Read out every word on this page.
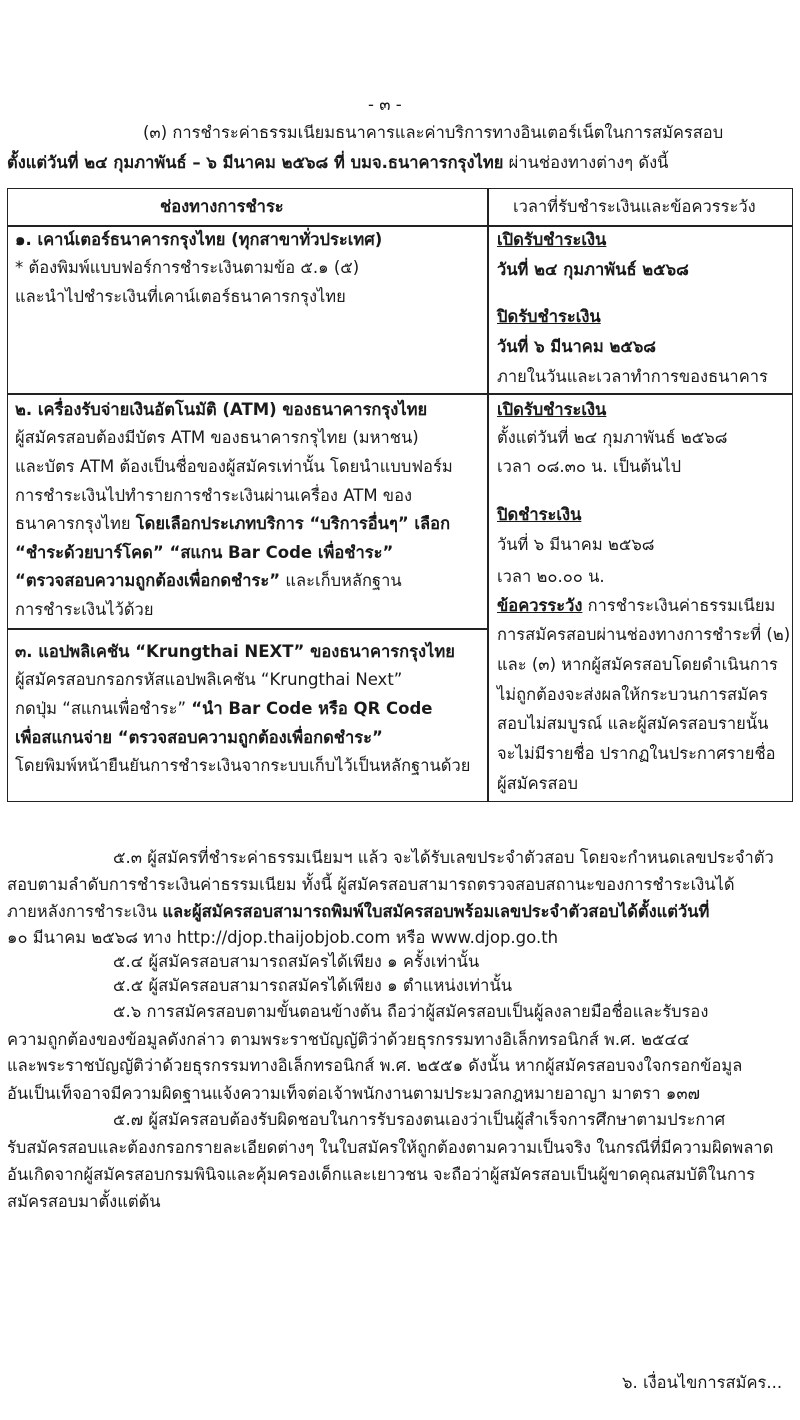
- ๓ -
ช่องทางการชำระ	เวลาที่รับชำระเงินและข้อควรระวัง
๖. เงื่อนไขการสมัคร...
(๓) การชำระค่าธรรมเนียมธนาคารและค่าบริการทางอินเตอร์เน็ตในการสมัครสอบ
ตั้งแต่วันที่ ๒๔ กุมภาพันธ์ – ๖ มีนาคม ๒๕๖๘ ที่ บมจ.ธนาคารกรุงไทย ผ่านช่องทางต่างๆ ดังนี้
๑. เคาน์เตอร์ธนาคารกรุงไทย (ทุกสาขาทั่วประเทศ)
* ต้องพิมพ์แบบฟอร์การชำระเงินตามข้อ ๕.๑ (๕)
และนำไปชำระเงินที่เคาน์เตอร์ธนาคารกรุงไทย
เปิดรับชำระเงิน
วันที่ ๒๔ กุมภาพันธ์ ๒๕๖๘
ปิดรับชำระเงิน
วันที่ ๖ มีนาคม ๒๕๖๘
ภายในวันและเวลาทำการของธนาคาร
๒. เครื่องรับจ่ายเงินอัตโนมัติ (ATM) ของธนาคารกรุงไทย
ผู้สมัครสอบต้องมีบัตร ATM ของธนาคารกรุไทย (มหาชน)
และบัตร ATM ต้องเป็นชื่อของผู้สมัครเท่านั้น โดยนำแบบฟอร์ม
การชำระเงินไปทำรายการชำระเงินผ่านเครื่อง ATM ของ
ธนาคารกรุงไทย โดยเลือกประเภทบริการ “บริการอื่นๆ” เลือก
“ชำระด้วยบาร์โคด” “สแกน Bar Code เพื่อชำระ”
“ตรวจสอบความถูกต้องเพื่อกดชำระ” และเก็บหลักฐาน
การชำระเงินไว้ด้วย
เปิดรับชำระเงิน
ตั้งแต่วันที่ ๒๔ กุมภาพันธ์ ๒๕๖๘
เวลา ๐๘.๓๐ น. เป็นต้นไป
ปิดชำระเงิน
วันที่ ๖ มีนาคม ๒๕๖๘
เวลา ๒๐.๐๐ น.
ข้อควรระวัง การชำระเงินค่าธรรมเนียม
การสมัครสอบผ่านช่องทางการชำระที่ (๒)
และ (๓) หากผู้สมัครสอบโดยดำเนินการ
ไม่ถูกต้องจะส่งผลให้กระบวนการสมัคร
สอบไม่สมบูรณ์ และผู้สมัครสอบรายนั้น
จะไม่มีรายชื่อ ปรากฏในประกาศรายชื่อ
ผู้สมัครสอบ
๓. แอปพลิเคชัน “Krungthai NEXT” ของธนาคารกรุงไทย
ผู้สมัครสอบกรอกรหัสแอปพลิเคชัน “Krungthai Next”
กดปุ่ม “สแกนเพื่อชำระ” “นำ Bar Code หรือ QR Code
เพื่อสแกนจ่าย “ตรวจสอบความถูกต้องเพื่อกดชำระ”
โดยพิมพ์หน้ายืนยันการชำระเงินจากระบบเก็บไว้เป็นหลักฐานด้วย
๕.๓ ผู้สมัครที่ชำระค่าธรรมเนียมฯ แล้ว จะได้รับเลขประจำตัวสอบ โดยจะกำหนดเลขประจำตัว
สอบตามลำดับการชำระเงินค่าธรรมเนียม ทั้งนี้ ผู้สมัครสอบสามารถตรวจสอบสถานะของการชำระเงินได้
ภายหลังการชำระเงิน และผู้สมัครสอบสามารถพิมพ์ใบสมัครสอบพร้อมเลขประจำตัวสอบได้ตั้งแต่วันที่
๑๐ มีนาคม ๒๕๖๘ ทาง http://djop.thaijobjob.com หรือ www.djop.go.th
๕.๔ ผู้สมัครสอบสามารถสมัครได้เพียง ๑ ครั้งเท่านั้น
๕.๕ ผู้สมัครสอบสามารถสมัครได้เพียง ๑ ตำแหน่งเท่านั้น
๕.๖ การสมัครสอบตามขั้นตอนข้างต้น ถือว่าผู้สมัครสอบเป็นผู้ลงลายมือชื่อและรับรอง
ความถูกต้องของข้อมูลดังกล่าว ตามพระราชบัญญัติว่าด้วยธุรกรรมทางอิเล็กทรอนิกส์ พ.ศ. ๒๕๔๔
และพระราชบัญญัติว่าด้วยธุรกรรมทางอิเล็กทรอนิกส์ พ.ศ. ๒๕๕๑ ดังนั้น หากผู้สมัครสอบจงใจกรอกข้อมูล
อันเป็นเท็จอาจมีความผิดฐานแจ้งความเท็จต่อเจ้าพนักงานตามประมวลกฎหมายอาญา มาตรา ๑๓๗
๕.๗ ผู้สมัครสอบต้องรับผิดชอบในการรับรองตนเองว่าเป็นผู้สำเร็จการศึกษาตามประกาศ
รับสมัครสอบและต้องกรอกรายละเอียดต่างๆ ในใบสมัครให้ถูกต้องตามความเป็นจริง ในกรณีที่มีความผิดพลาด
อันเกิดจากผู้สมัครสอบกรมพินิจและคุ้มครองเด็กและเยาวชน จะถือว่าผู้สมัครสอบเป็นผู้ขาดคุณสมบัติในการ
สมัครสอบมาตั้งแต่ต้น
